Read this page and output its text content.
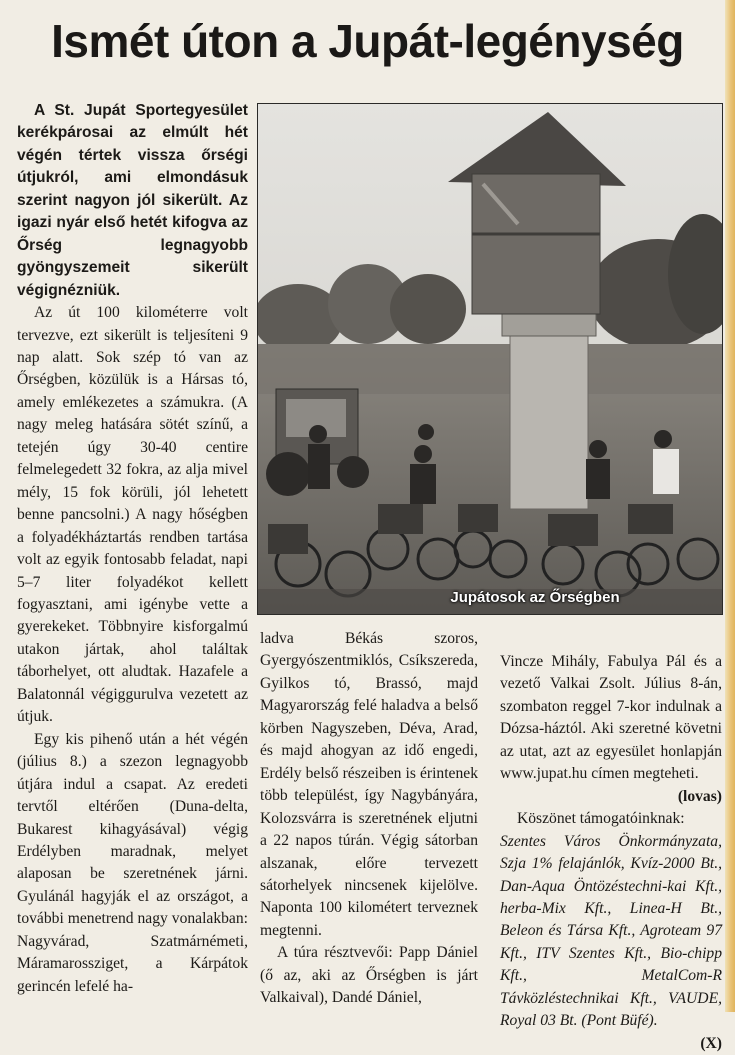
Ismét úton a Jupát-legénység

A St. Jupát Sportegyesület kerékpárosai az elmúlt hét végén tértek vissza őrségi útjukról, ami elmondásuk szerint nagyon jól sikerült. Az igazi nyár első hetét kifogva az Őrség legnagyobb gyöngyszemeit sikerült végignézniük.

Az út 100 kilométerre volt tervezve, ezt sikerült is teljesíteni 9 nap alatt. Sok szép tó van az Őrségben, közülük is a Hársas tó, amely emlékezetes a számukra. (A nagy meleg hatására sötét színű, a tetején úgy 30-40 centire felmelegedett 32 fokra, az alja mivel mély, 15 fok körüli, jól lehetett benne pancsolni.) A nagy hőségben a folyadékháztartás rendben tartása volt az egyik fontosabb feladat, napi 5–7 liter folyadékot kellett fogyasztani, ami igénybe vette a gyerekeket. Többnyire kisforgalmú utakon jártak, ahol találtak táborhelyet, ott aludtak. Hazafele a Balatonnál végiggurulva vezetett az útjuk.

Egy kis pihenő után a hét végén (július 8.) a szezon legnagyobb útjára indul a csapat. Az eredeti tervtől eltérően (Duna-delta, Bukarest kihagyásával) végig Erdélyben maradnak, melyet alaposan be szeretnének járni. Gyulánál hagyják el az országot, a további menetrend nagy vonalakban: Nagyvárad, Szatmárnémeti, Máramarossziget, a Kárpátok gerincén lefelé ha-

Jupátosok az Őrségben

ladva Békás szoros, Gyergyószentmiklós, Csíkszereda, Gyilkos tó, Brassó, majd Magyarország felé haladva a belső körben Nagyszeben, Déva, Arad, és majd ahogyan az idő engedi, Erdély belső részeiben is érintenek több települést, így Nagybányára, Kolozsvárra is szeretnének eljutni a 22 napos túrán. Végig sátorban alszanak, előre tervezett sátorhelyek nincsenek kijelölve. Naponta 100 kilométert terveznek megtenni.

A túra résztvevői: Papp Dániel (ő az, aki az Őrségben is járt Valkaival), Dandé Dániel,

Vincze Mihály, Fabulya Pál és a vezető Valkai Zsolt. Július 8-án, szombaton reggel 7-kor indulnak a Dózsa-háztól. Aki szeretné követni az utat, azt az egyesület honlapján www.jupat.hu címen megteheti.

(lovas)

Köszönet támogatóinknak:

Szentes Város Önkormányzata, Szja 1% felajánlók, Kvíz-2000 Bt., Dan-Aqua Öntözéstechni-kai Kft., herba-Mix Kft., Linea-H Bt., Beleon és Társa Kft., Agroteam 97 Kft., ITV Szentes Kft., Bio-chipp Kft., MetalCom-R Távközléstechnikai Kft., VAUDE, Royal 03 Bt. (Pont Büfé).

(X)
